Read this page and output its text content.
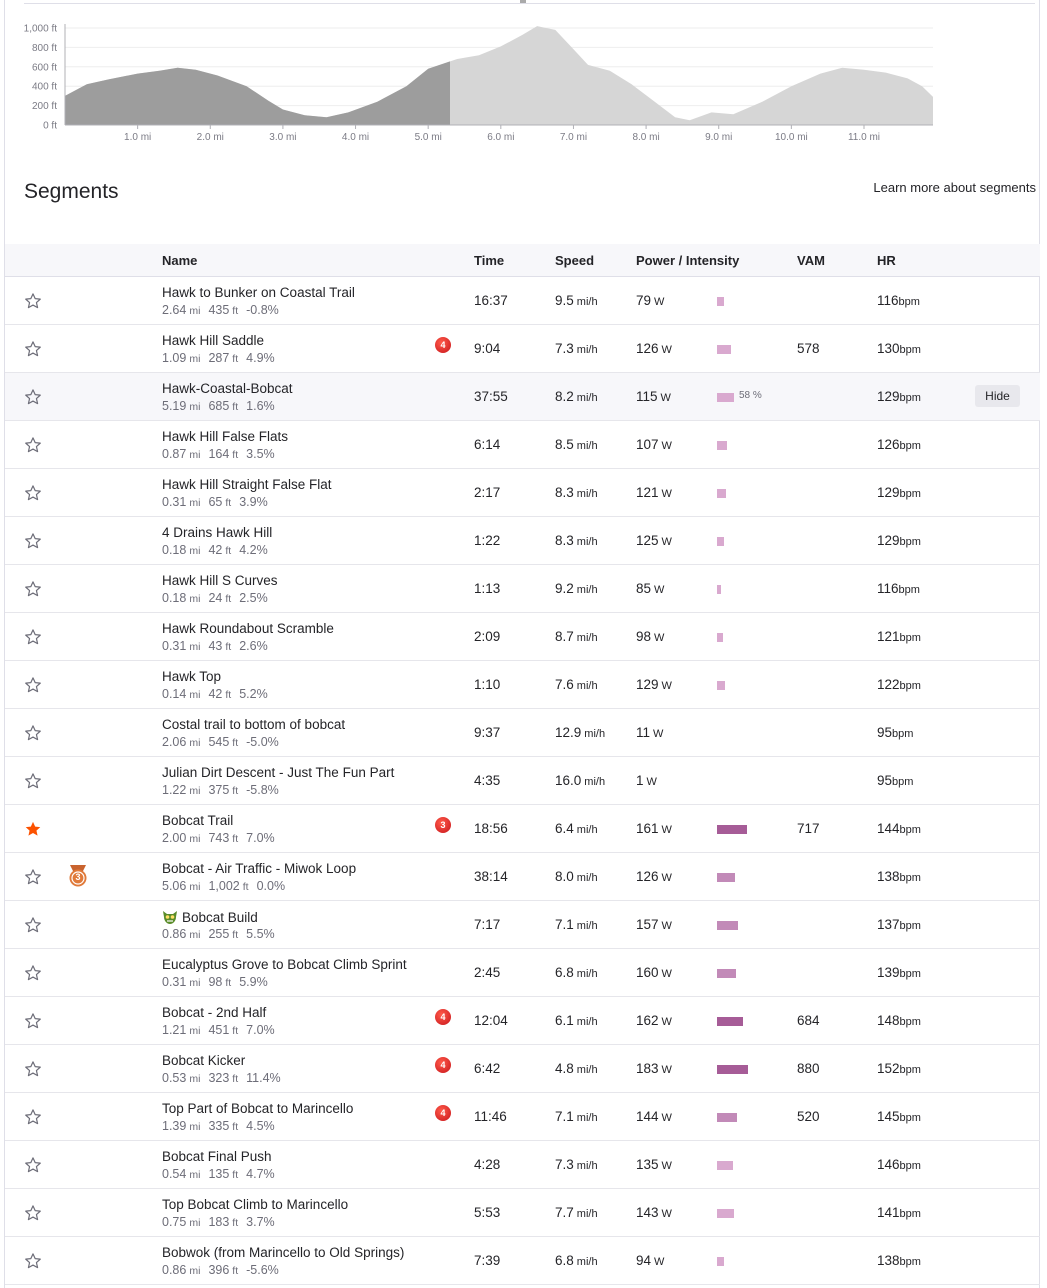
1,000 ft
800 ft
600 ft
400 ft
200 ft
0 ft
1.0 mi	2.0 mi	3.0 mi	4.0 mi	5.0 mi	6.0 mi	7.0 mi	8.0 mi	9.0 mi	10.0 mi	11.0 mi
Segments	Learn more about segments
Name	Time	Speed	Power / Intensity	VAM	HR
Hawk to Bunker on Coastal Trail
2.64 mi 435 ft -0.8%
16:37	9.5 mi/h	79 W	116bpm
Hawk Hill Saddle
1.09 mi 287 ft 4.9%
4	9:04	7.3 mi/h	126 W	578	130bpm
Hawk-Coastal-Bobcat
5.19 mi 685 ft 1.6%
37:55	8.2 mi/h	115 W	58 %	129bpm	Hide
Hawk Hill False Flats
0.87 mi 164 ft 3.5%
6:14	8.5 mi/h	107 W	126bpm
Hawk Hill Straight False Flat
0.31 mi 65 ft 3.9%
2:17	8.3 mi/h	121 W	129bpm
4 Drains Hawk Hill
0.18 mi 42 ft 4.2%
1:22	8.3 mi/h	125 W	129bpm
Hawk Hill S Curves
0.18 mi 24 ft 2.5%
1:13	9.2 mi/h	85 W	116bpm
Hawk Roundabout Scramble
0.31 mi 43 ft 2.6%
2:09	8.7 mi/h	98 W	121bpm
Hawk Top
0.14 mi 42 ft 5.2%
1:10	7.6 mi/h	129 W	122bpm
Costal trail to bottom of bobcat
2.06 mi 545 ft -5.0%
9:37	12.9 mi/h 11 W	95bpm
Julian Dirt Descent - Just The Fun Part
1.22 mi 375 ft -5.8%
4:35	16.0 mi/h 1 W	95bpm
Bobcat Trail
2.00 mi 743 ft 7.0%
3	18:56	6.4 mi/h	161 W	717	144bpm
3
Bobcat - Air Traffic - Miwok Loop
5.06 mi 1,002 ft 0.0%
38:14	8.0 mi/h	126 W	138bpm
Bobcat Build
0.86 mi 255 ft 5.5%
7:17	7.1 mi/h	157 W	137bpm
Eucalyptus Grove to Bobcat Climb Sprint
0.31 mi 98 ft 5.9%
2:45	6.8 mi/h	160 W	139bpm
Bobcat - 2nd Half
1.21 mi 451 ft 7.0%
4	12:04	6.1 mi/h	162 W	684	148bpm
Bobcat Kicker
0.53 mi 323 ft 11.4%
4	6:42	4.8 mi/h	183 W	880	152bpm
Top Part of Bobcat to Marincello
1.39 mi 335 ft 4.5%
4	11:46	7.1 mi/h	144 W	520	145bpm
Bobcat Final Push
0.54 mi 135 ft 4.7%
4:28	7.3 mi/h	135 W	146bpm
Top Bobcat Climb to Marincello
0.75 mi 183 ft 3.7%
5:53	7.7 mi/h	143 W	141bpm
Bobwok (from Marincello to Old Springs)
0.86 mi 396 ft -5.6%
7:39	6.8 mi/h	94 W	138bpm
